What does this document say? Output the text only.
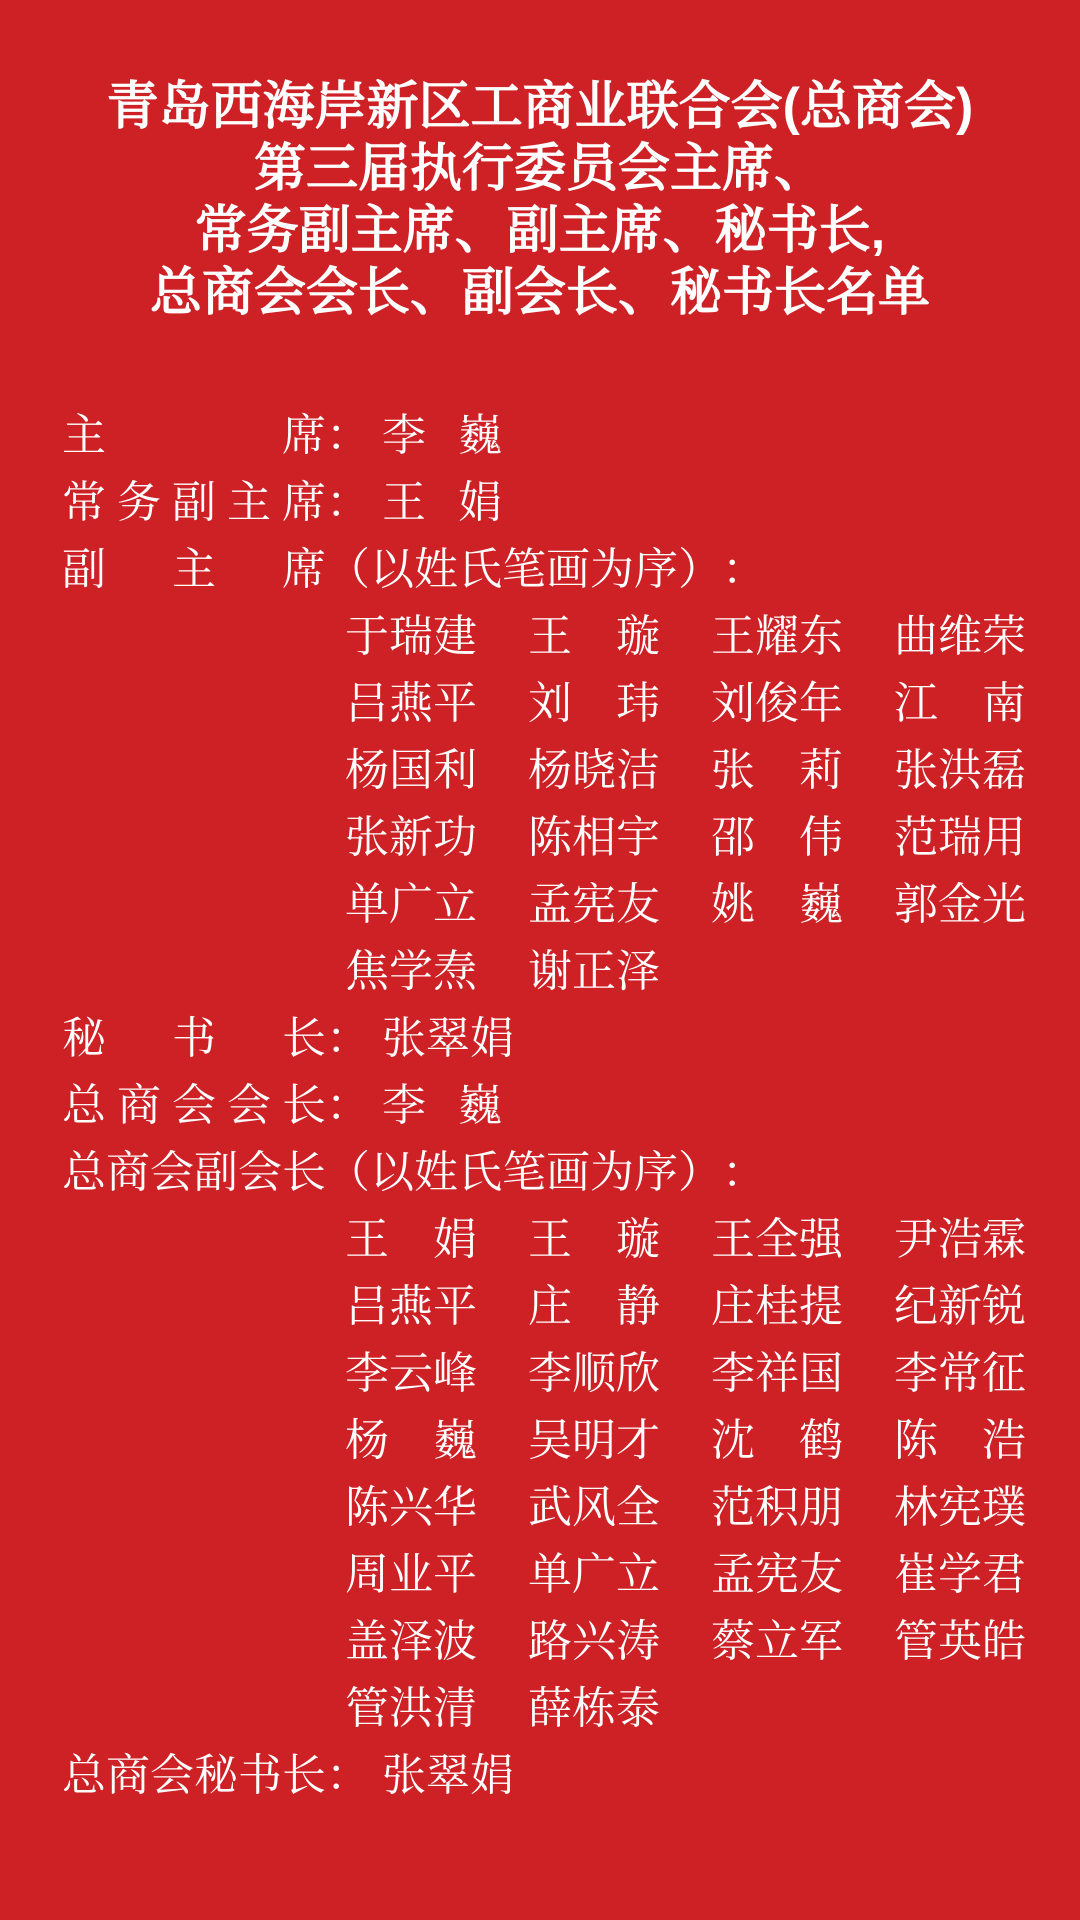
青岛西海岸新区工商业联合会(总商会)
第三届执行委员会主席、
常务副主席、副主席、秘书长,
总商会会长、副会长、秘书长名单
主席 ： 李巍
常务副主席 ： 王娟
副主席 （以姓氏笔画为序） ：
于瑞建 王璇 王耀东 曲维荣
吕燕平 刘玮 刘俊年 江南
杨国利 杨晓洁 张莉 张洪磊
张新功 陈相宇 邵伟 范瑞用
单广立 孟宪友 姚巍 郭金光
焦学焘 谢正泽
秘书长 ： 张翠娟
总商会会长 ： 李巍
总商会副会长 （以姓氏笔画为序） ：
王娟 王璇 王全强 尹浩霖
吕燕平 庄静 庄桂提 纪新锐
李云峰 李顺欣 李祥国 李常征
杨巍 吴明才 沈鹤 陈浩
陈兴华 武风全 范积朋 林宪璞
周业平 单广立 孟宪友 崔学君
盖泽波 路兴涛 蔡立军 管英皓
管洪清 薛栋泰
总商会秘书长 ： 张翠娟
